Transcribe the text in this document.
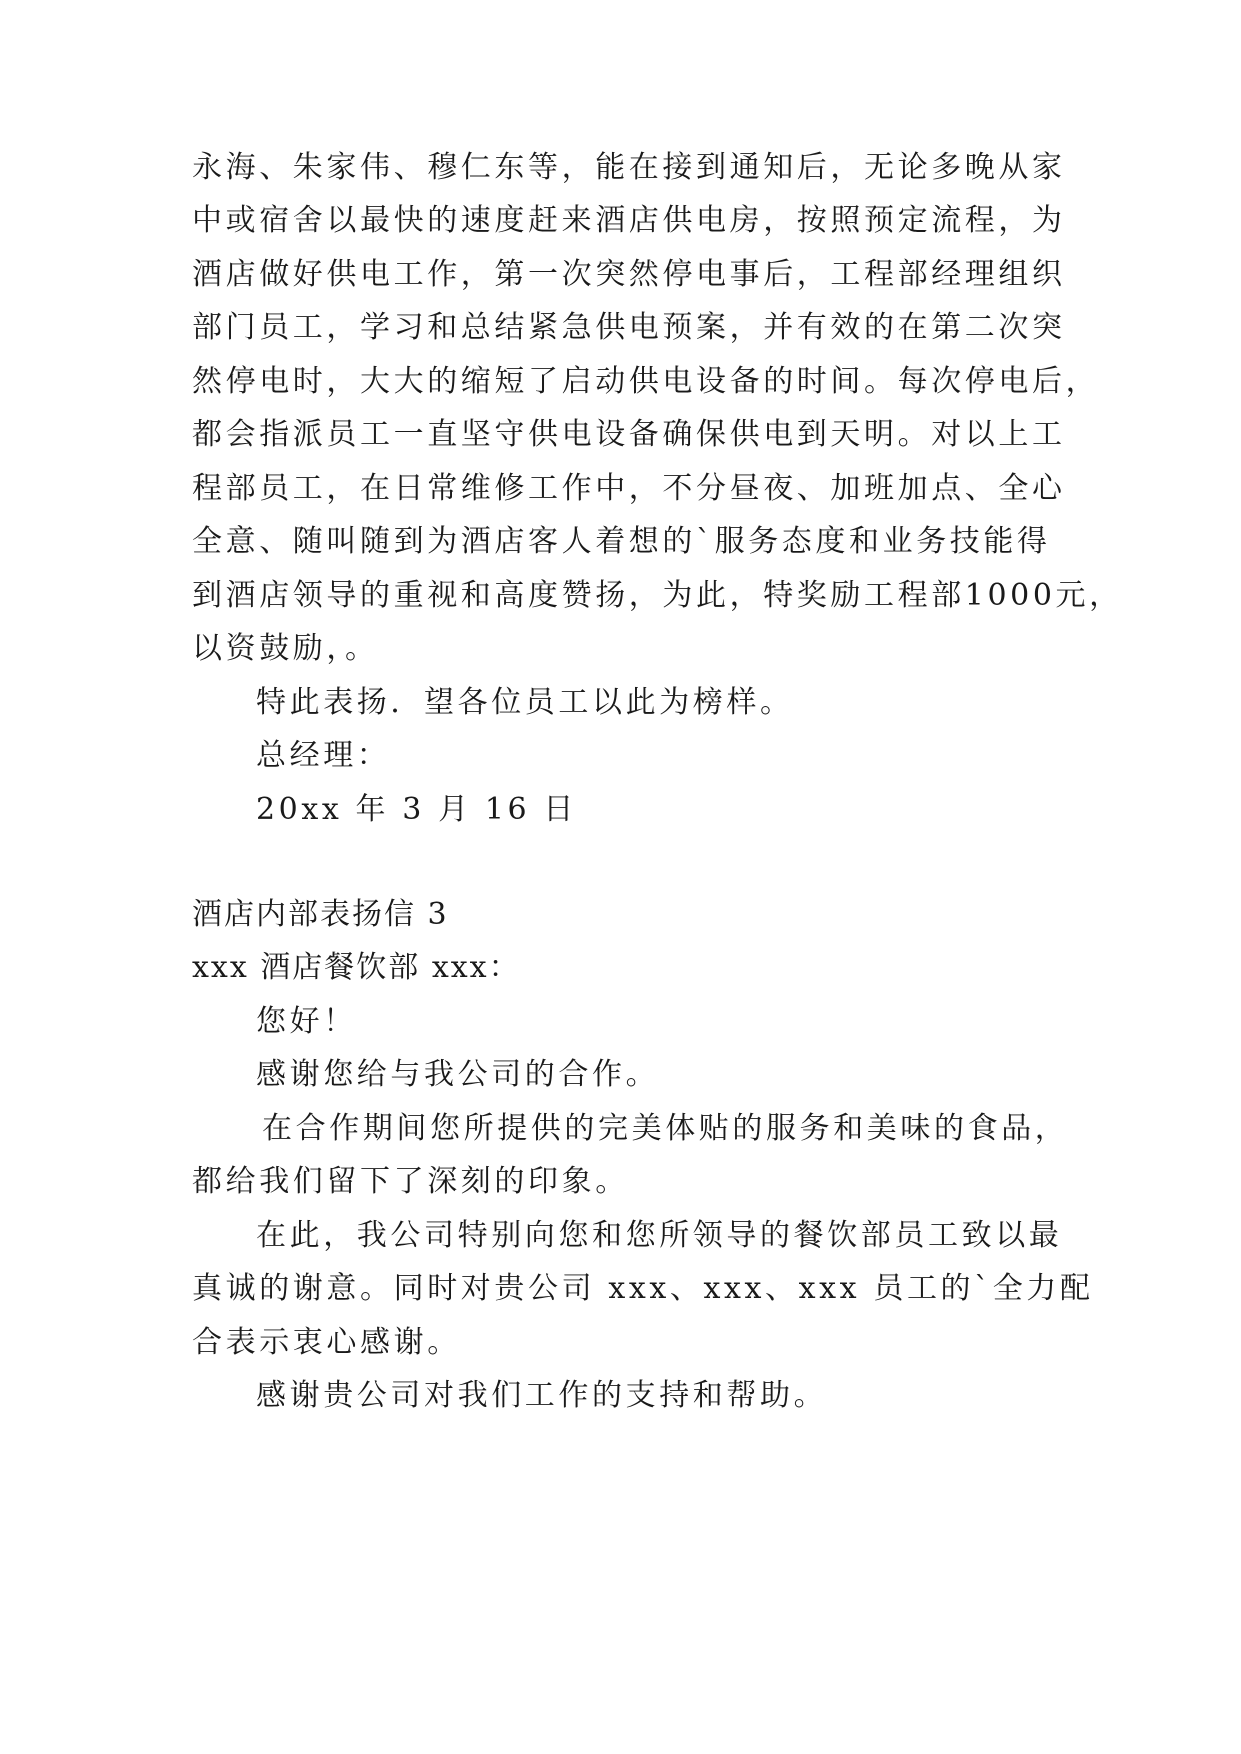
永海、朱家伟、穆仁东等，能在接到通知后，无论多晚从家
中或宿舍以最快的速度赶来酒店供电房，按照预定流程，为
酒店做好供电工作，第一次突然停电事后，工程部经理组织
部门员工，学习和总结紧急供电预案，并有效的在第二次突
然停电时，大大的缩短了启动供电设备的时间。每次停电后，
都会指派员工一直坚守供电设备确保供电到天明。对以上工
程部员工，在日常维修工作中，不分昼夜、加班加点、全心
全意、随叫随到为酒店客人着想的`服务态度和业务技能得
到酒店领导的重视和高度赞扬，为此，特奖励工程部1000元，
以资鼓励，。
特此表扬．望各位员工以此为榜样。
总经理：
20xx 年 3 月 16 日
酒店内部表扬信 3
xxx 酒店餐饮部 xxx：
您好！
感谢您给与我公司的合作。
在合作期间您所提供的完美体贴的服务和美味的食品，
都给我们留下了深刻的印象。
在此，我公司特别向您和您所领导的餐饮部员工致以最
真诚的谢意。同时对贵公司 xxx、xxx、xxx 员工的`全力配
合表示衷心感谢。
感谢贵公司对我们工作的支持和帮助。
